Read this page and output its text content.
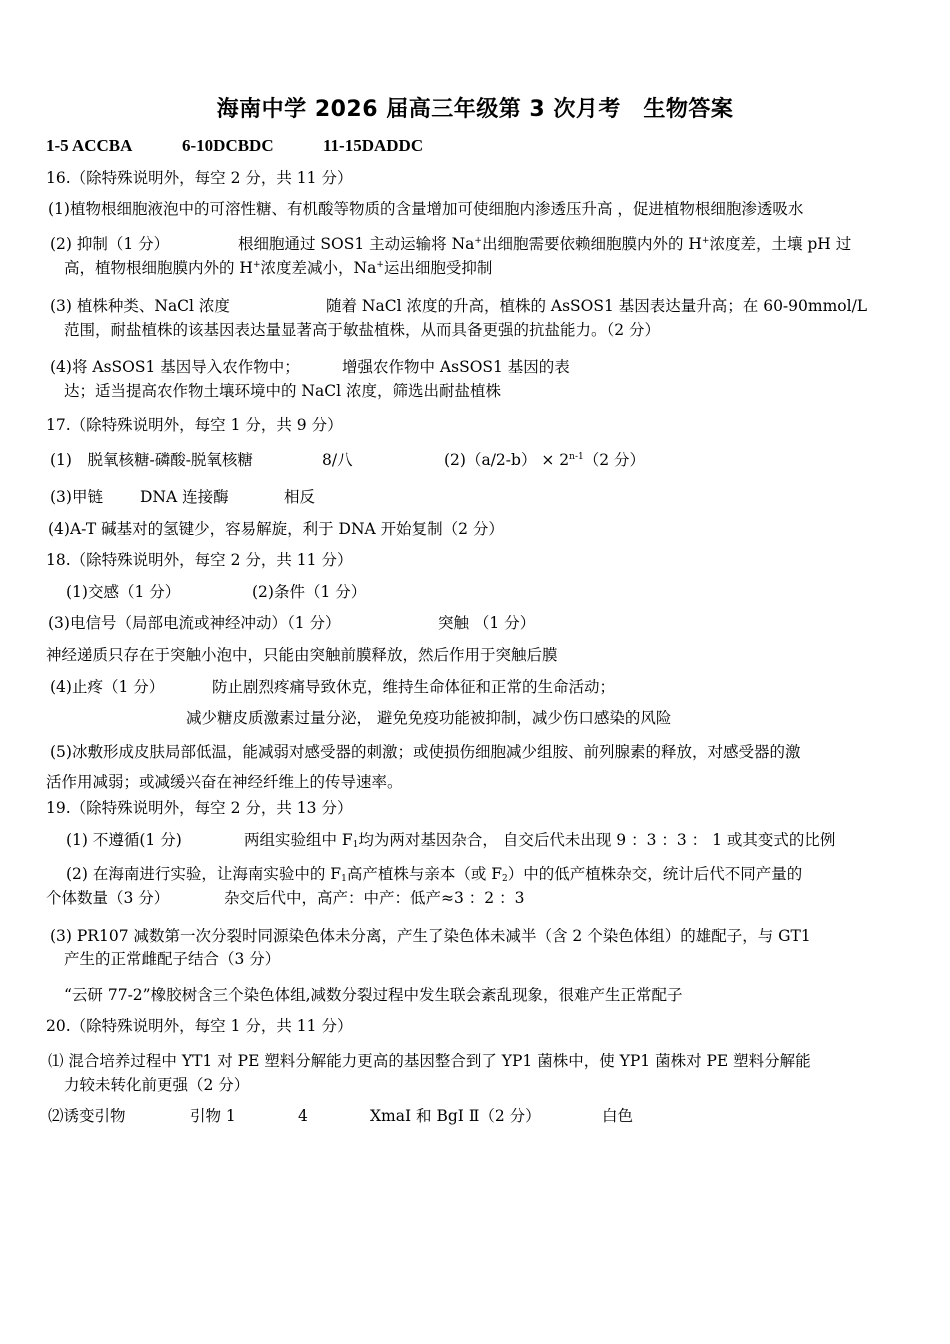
海南中学 2026 届高三年级第 3 次月考　生物答案
1-5 ACCBA	6-10DCBDC	11-15DADDC
16.（除特殊说明外，每空 2 分，共 11 分）
(1)植物根细胞液泡中的可溶性糖、有机酸等物质的含量增加可使细胞内渗透压升高 ，促进植物根细胞渗透吸水
(2) 抑制（1 分）	根细胞通过 SOS1 主动运输将 Na+出细胞需要依赖细胞膜内外的 H+浓度差，土壤 pH 过
高，植物根细胞膜内外的 H+浓度差减小，Na+运出细胞受抑制
(3) 植株种类、NaCl 浓度	随着 NaCl 浓度的升高，植株的 AsSOS1 基因表达量升高；在 60-90mmol/L
范围，耐盐植株的该基因表达量显著高于敏盐植株，从而具备更强的抗盐能力。（2 分）
(4)将 AsSOS1 基因导入农作物中；	增强农作物中 AsSOS1 基因的表
达；适当提高农作物土壤环境中的 NaCl 浓度，筛选出耐盐植株
17.（除特殊说明外，每空 1 分，共 9 分）
(1)　脱氧核糖-磷酸-脱氧核糖	8/八	$(2)(a/2-b) \times 2^{n-1}(2$ 分）
(3)甲链 DNA 连接酶	相反
(4)A-T 碱基对的氢键少，容易解旋，利于 DNA 开始复制（2 分）
18.（除特殊说明外，每空 2 分，共 11 分）
(1)交感（1 分）	(2)条件（1 分）
(3)电信号（局部电流或神经冲动）（1 分）	突触 （1 分）
神经递质只存在于突触小泡中，只能由突触前膜释放，然后作用于突触后膜
(4)止疼（1 分）	防止剧烈疼痛导致休克，维持生命体征和正常的生命活动；
减少糖皮质激素过量分泌， 避免免疫功能被抑制，减少伤口感染的风险
(5)冰敷形成皮肤局部低温，能减弱对感受器的刺激；或使损伤细胞减少组胺、前列腺素的释放，对感受器的激
活作用减弱；或减缓兴奋在神经纤维上的传导速率。
19.（除特殊说明外，每空 2 分，共 13 分）
(1) 不遵循(1 分)	两组实验组中 $F_1$均为两对基因杂合， 自交后代未出现 9 ：3 ：3 ： 1 或其变式的比例
(2) 在海南进行实验，让海南实验中的 $F_1$高产植株与亲本（或 $F_2$）中的低产植株杂交，统计后代不同产量的
个体数量（3 分）	杂交后代中，高产：中产：低产≈3 ：2 ：3
(3) PR107 减数第一次分裂时同源染色体未分离，产生了染色体未减半（含 2 个染色体组）的雄配子，与 GT1
产生的正常雌配子结合（3 分）
“云研 77-2”橡胶树含三个染色体组,减数分裂过程中发生联会紊乱现象，很难产生正常配子
20.（除特殊说明外，每空 1 分，共 11 分）
⑴ 混合培养过程中 YT1 对 PE 塑料分解能力更高的基因整合到了 YP1 菌株中，使 YP1 菌株对 PE 塑料分解能
力较未转化前更强（2 分）
⑵诱变引物	引物 1	4	XmaI 和 BgI Ⅱ（2 分）	白色
